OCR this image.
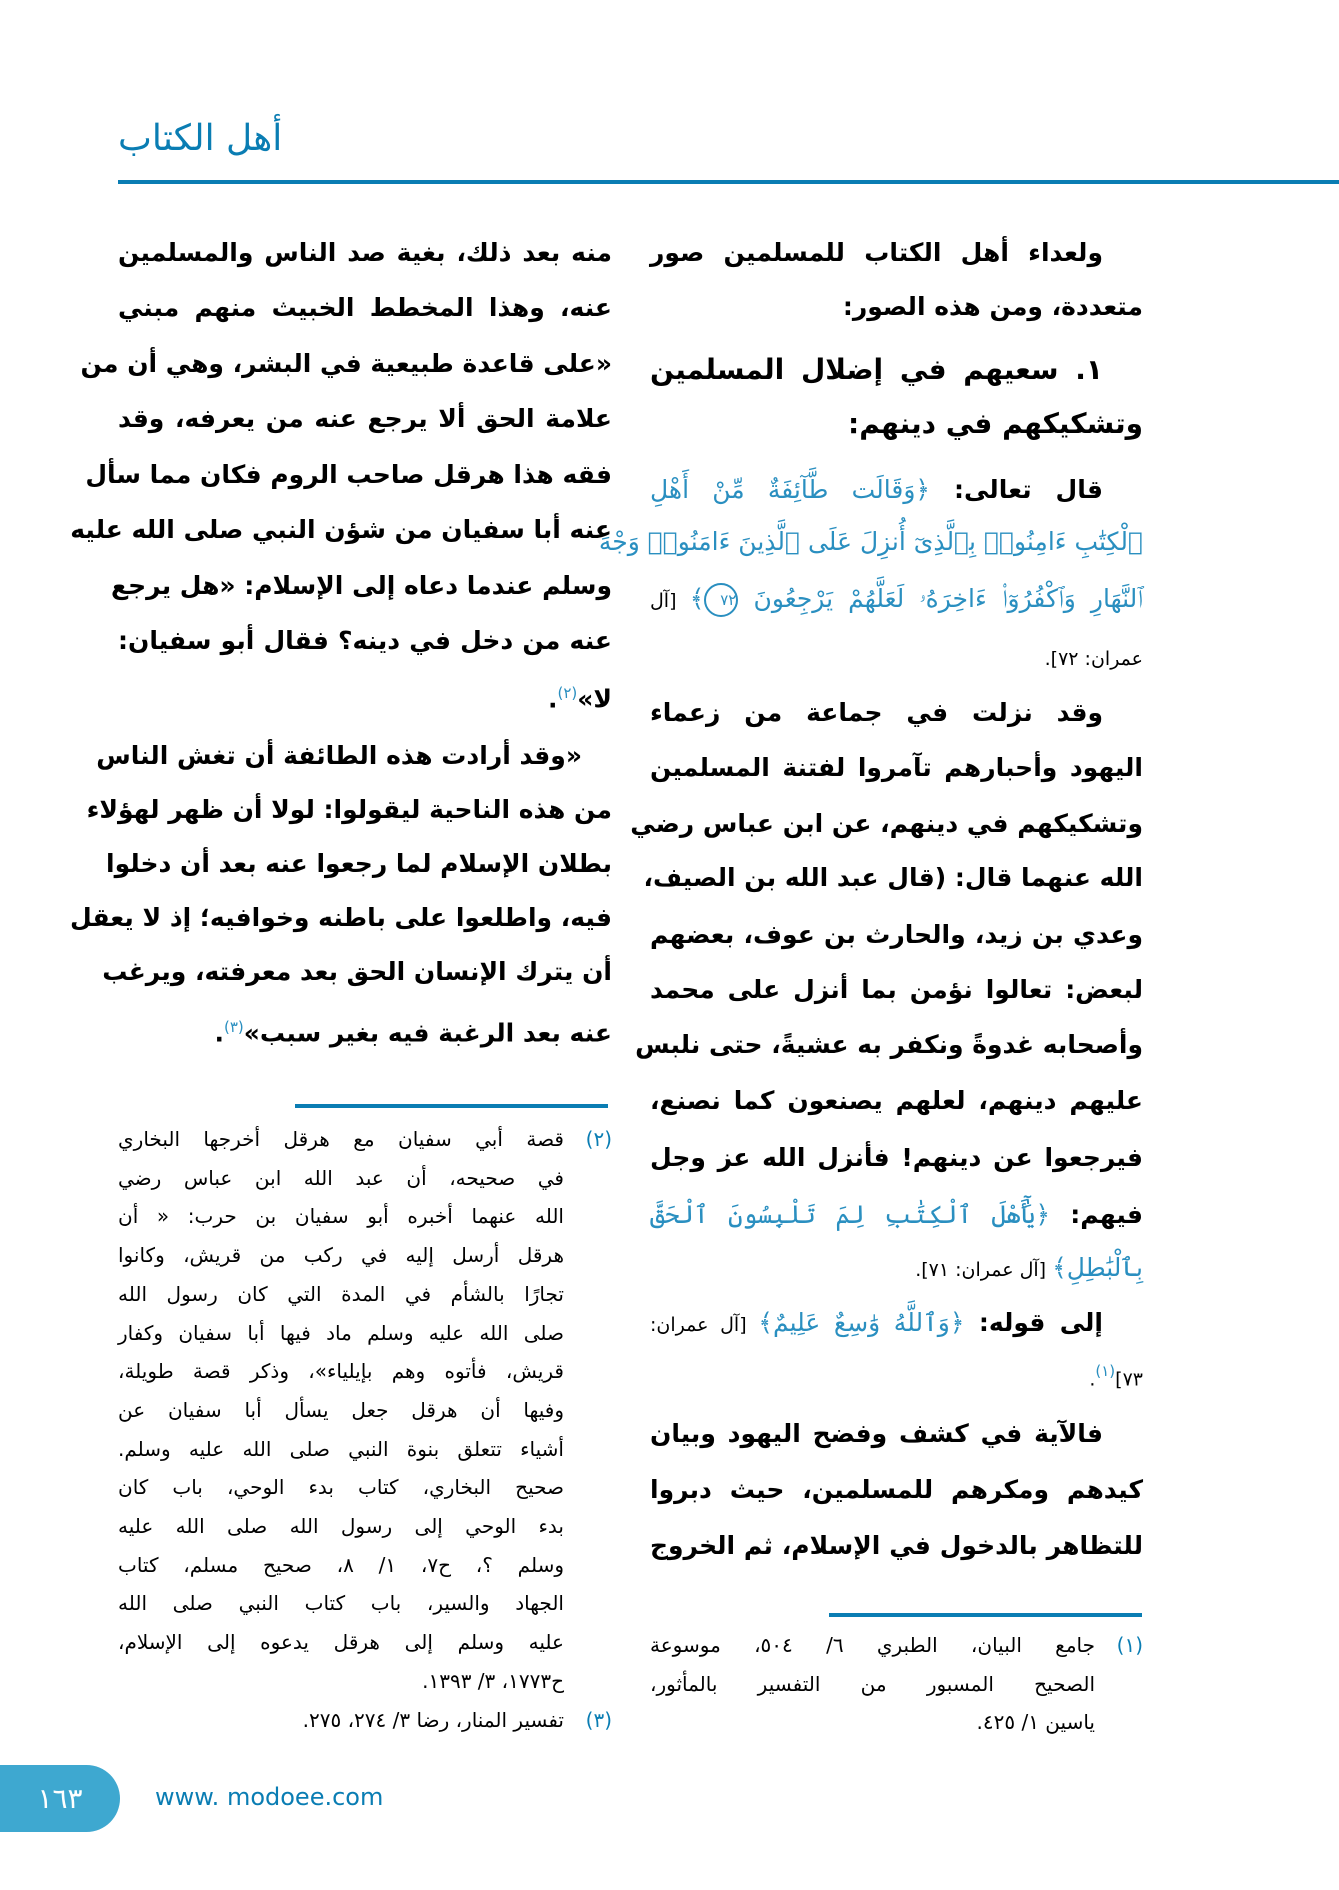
أهل الكتاب
ولعداء أهل الكتاب للمسلمين صور
متعددة، ومن هذه الصور:
١. سعيهم في إضلال المسلمين
وتشكيكهم في دينهم:
قال تعالى: ﴿وَقَالَت طَّآئِفَةٌ مِّنْ أَهْلِ
ٱلْكِتَٰبِ ءَامِنُوا۟ بِٱلَّذِىٓ أُنزِلَ عَلَى ٱلَّذِينَ ءَامَنُوا۟ وَجْهَ
ٱلنَّهَارِ وَٱكْفُرُوٓا۟ ءَاخِرَهُۥ لَعَلَّهُمْ يَرْجِعُونَ ٧٢﴾ [آل
عمران: ٧٢].
وقد نزلت في جماعة من زعماء
اليهود وأحبارهم تآمروا لفتنة المسلمين
وتشكيكهم في دينهم، عن ابن عباس رضي
الله عنهما قال: (قال عبد الله بن الصيف،
وعدي بن زيد، والحارث بن عوف، بعضهم
لبعض: تعالوا نؤمن بما أنزل على محمد
وأصحابه غدوةً ونكفر به عشيةً، حتى نلبس
عليهم دينهم، لعلهم يصنعون كما نصنع،
فيرجعوا عن دينهم! فأنزل الله عز وجل
فيهم: ﴿يَٰٓأَهْلَ ٱلْكِتَٰبِ لِمَ تَلْبِسُونَ ٱلْحَقَّ
بِٱلْبَٰطِلِ﴾ [آل عمران: ٧١].
إلى قوله: ﴿وَٱللَّهُ وَٰسِعٌ عَلِيمٌ﴾ [آل عمران:
٧٣]$^{(١)}$.
فالآية في كشف وفضح اليهود وبيان
كيدهم ومكرهم للمسلمين، حيث دبروا
للتظاهر بالدخول في الإسلام، ثم الخروج
منه بعد ذلك، بغية صد الناس والمسلمين
عنه، وهذا المخطط الخبيث منهم مبني
«على قاعدة طبيعية في البشر، وهي أن من
علامة الحق ألا يرجع عنه من يعرفه، وقد
فقه هذا هرقل صاحب الروم فكان مما سأل
عنه أبا سفيان من شؤن النبي صلى الله عليه
وسلم عندما دعاه إلى الإسلام: «هل يرجع
عنه من دخل في دينه؟ فقال أبو سفيان:
لا»$^{(٢)}$.
«وقد أرادت هذه الطائفة أن تغش الناس
من هذه الناحية ليقولوا: لولا أن ظهر لهؤلاء
بطلان الإسلام لما رجعوا عنه بعد أن دخلوا
فيه، واطلعوا على باطنه وخوافيه؛ إذ لا يعقل
أن يترك الإنسان الحق بعد معرفته، ويرغب
عنه بعد الرغبة فيه بغير سبب»$^{(٣)}$.
(١)
جامع البيان، الطبري ٦/ ٥٠٤، موسوعة
الصحيح المسبور من التفسير بالمأثور،
ياسين ١/ ٤٢٥.
(٢)
قصة أبي سفيان مع هرقل أخرجها البخاري
في صحيحه، أن عبد الله ابن عباس رضي
الله عنهما أخبره أبو سفيان بن حرب: « أن
هرقل أرسل إليه في ركب من قريش، وكانوا
تجارًا بالشأم في المدة التي كان رسول الله
صلى الله عليه وسلم ماد فيها أبا سفيان وكفار
قريش، فأتوه وهم بإيلياء»، وذكر قصة طويلة،
وفيها أن هرقل جعل يسأل أبا سفيان عن
أشياء تتعلق بنوة النبي صلى الله عليه وسلم.
صحيح البخاري، كتاب بدء الوحي، باب كان
بدء الوحي إلى رسول الله صلى الله عليه
وسلم ؟، ح٧، ١/ ٨، صحيح مسلم، كتاب
الجهاد والسير، باب كتاب النبي صلى الله
عليه وسلم إلى هرقل يدعوه إلى الإسلام،
ح١٧٧٣، ٣/ ١٣٩٣.
(٣)
تفسير المنار، رضا ٣/ ٢٧٤، ٢٧٥.
١٦٣	www. modoee.com
